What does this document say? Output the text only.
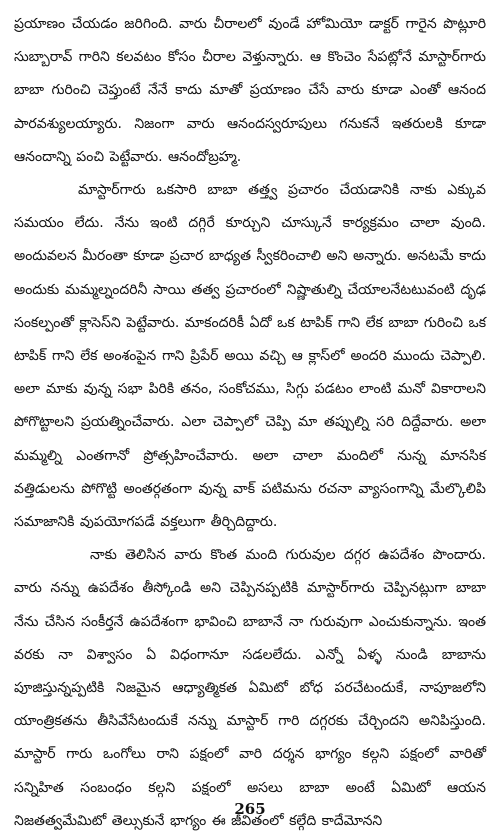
ప్రయాణం చేయడం జరిగింది. వారు చీరాలలో వుండే హోమియో డాక్టర్ గారైన పొట్లూరి సుబ్బారావ్ గారిని కలవటం కోసం చీరాల వెళ్తున్నారు. ఆ కొంచెం సేపట్లోనే మాస్టార్‌గారు బాబా గురించి చెప్తుంటే నేనే కాదు మాతో ప్రయాణం చేసే వారు కూడా ఎంతో ఆనంద పారవశ్యులయ్యారు. నిజంగా వారు ఆనందస్వరూపులు గనుకనే ఇతరులకి కూడా ఆనందాన్ని పంచి పెట్టేవారు. ఆనందోబ్రహ్మ.

మాస్టార్‌గారు ఒకసారి బాబా తత్త్వ ప్రచారం చేయడానికి నాకు ఎక్కువ సమయం లేదు. నేను ఇంటి దగ్గిరే కూర్చుని చూస్కునే కార్యక్రమం చాలా వుంది. అందువలన మీరంతా కూడా ప్రచార బాధ్యత స్వీకరించాలి అని అన్నారు. అనటమే కాదు అందుకు మమ్మల్నందరినీ సాయి తత్వ ప్రచారంలో నిష్ణాతుల్ని చేయాలనేటటువంటి దృఢ సంకల్పంతో క్లాసెస్‌ని పెట్టేవారు. మాకందరికీ ఏదో ఒక టాపిక్ గాని లేక బాబా గురించి ఒక టాపిక్ గాని లేక అంశంపైన గాని ప్రిపేర్ అయి వచ్చి ఆ క్లాస్‌లో అందరి ముందు చెప్పాలి. అలా మాకు వున్న సభా పిరికి తనం, సంకోచము, సిగ్గు పడటం లాంటి మనో వికారాలని పోగొట్టాలని ప్రయత్నించేవారు. ఎలా చెప్పాలో చెప్పి మా తప్పుల్ని సరి దిద్దేవారు. అలా మమ్మల్ని ఎంతగానో ప్రోత్సహించేవారు. అలా చాలా మందిలో నున్న మానసిక వత్తిడులను పోగొట్టి అంతర్గతంగా వున్న వాక్ పటిమను రచనా వ్యాసంగాన్ని మేల్కొలిపి సమాజానికి వుపయోగపడే వక్తలుగా తీర్చిదిద్దారు.

నాకు తెలిసిన వారు కొంత మంది గురువుల దగ్గర ఉపదేశం పొందారు. వారు నన్ను ఉపదేశం తీస్కోండి అని చెప్పినప్పటికి మాస్టార్‌గారు చెప్పినట్లుగా బాబా నేను చేసిన సంకీర్తనే ఉపదేశంగా భావించి బాబానే నా గురువుగా ఎంచుకున్నాను. ఇంత వరకు నా విశ్వాసం ఏ విధంగానూ సడలలేదు. ఎన్నో ఏళ్ళ నుండి బాబాను పూజిస్తున్నప్పటికి నిజమైన ఆధ్యాత్మికత ఏమిటో బోధ పరచేటందుకే, నాపూజలోని యాంత్రికతను తీసివేసేటందుకే నన్ను మాస్టార్ గారి దగ్గరకు చేర్చిందని అనిపిస్తుంది. మాస్టార్ గారు ఒంగోలు రాని పక్షంలో వారి దర్శన భాగ్యం కల్గని పక్షంలో వారితో సన్నిహిత సంబంధం కల్గని పక్షంలో అసలు బాబా అంటే ఏమిటో ఆయన నిజతత్వమేమిటో తెల్సుకునే భాగ్యం ఈ జీవితంలో కల్గేది కాదేమోనని

265
